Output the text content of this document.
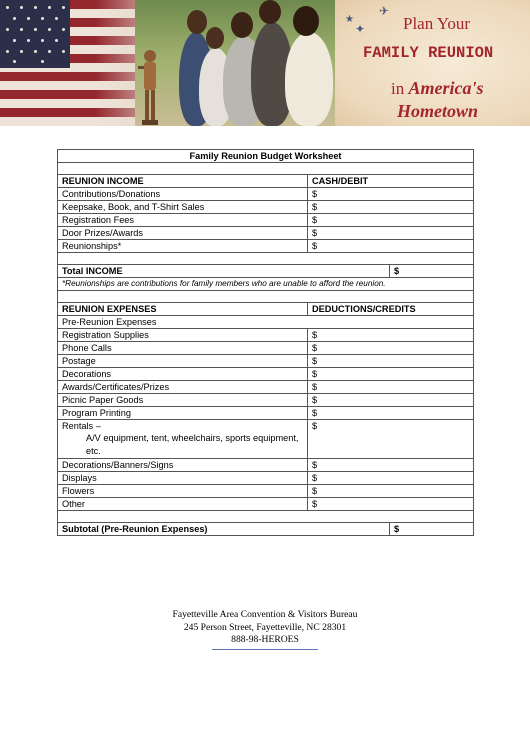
★
✦
✈
Plan Your
FAMILY REUNION
in America's
Hometown
Family Reunion Budget Worksheet		

REUNION INCOME	CASH/DEBIT	
Contributions/Donations	$	
Keepsake, Book, and T-Shirt Sales	$	
Registration Fees	$	
Door Prizes/Awards	$	
Reunionships*	$	

Total INCOME		$
*Reunionships are contributions for family members who are unable to afford the reunion.		

REUNION EXPENSES	DEDUCTIONS/CREDITS	
Pre-Reunion Expenses		
Registration Supplies	$	
Phone Calls	$	
Postage	$	
Decorations	$	
Awards/Certificates/Prizes	$	
Picnic Paper Goods	$	
Program Printing	$	

Rentals –
A/V equipment, tent, wheelchairs, sports equipment, etc.	$	
Decorations/Banners/Signs	$	
Displays	$	
Flowers	$	
Other	$	

Subtotal (Pre-Reunion Expenses)		$
Fayetteville Area Convention & Visitors Bureau
245 Person Street, Fayetteville, NC 28301
888-98-HEROES
